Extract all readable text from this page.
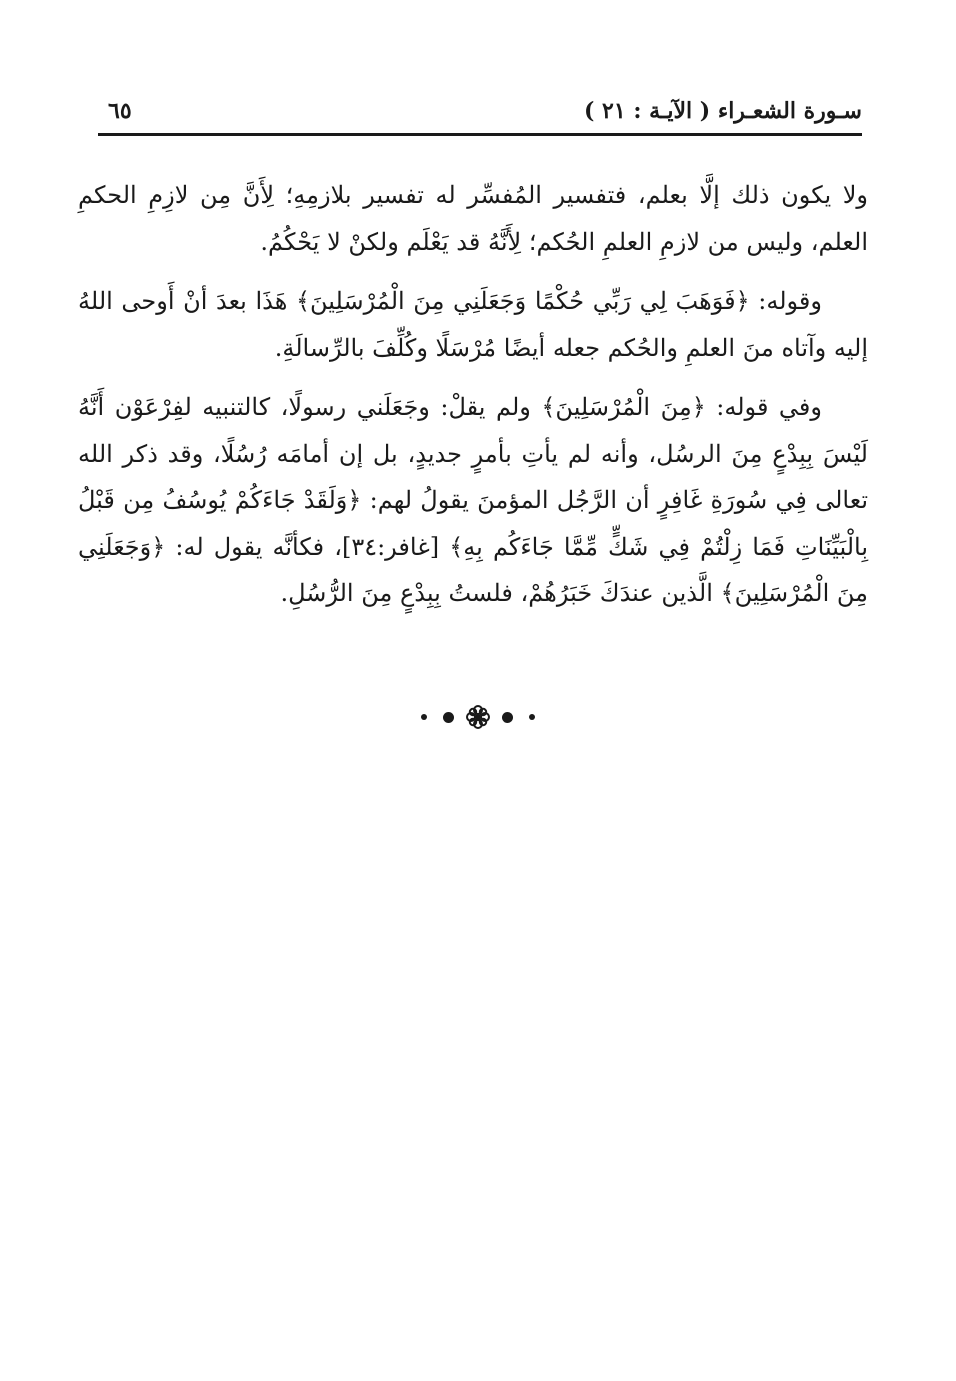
سـورة الشعـراء ( الآيـة : ٢١ )
٦٥

ولا يكون ذلك إلَّا بعلم، فتفسير المُفسِّر له تفسير بلازمِهِ؛ لِأَنَّ مِن لازِمِ الحكمِ العلم، وليس من لازمِ العلمِ الحُكم؛ لِأَنَّهُ قد يَعْلَم ولكنْ لا يَحْكُمُ.

وقوله: ﴿فَوَهَبَ لِي رَبِّي حُكْمًا وَجَعَلَنِي مِنَ الْمُرْسَلِينَ﴾ هَذَا بعدَ أنْ أَوحى اللهُ إليه وآتاه منَ العلمِ والحُكم جعله أيضًا مُرْسَلًا وكُلِّفَ بالرِّسالَةِ.

وفي قوله: ﴿مِنَ الْمُرْسَلِينَ﴾ ولم يقلْ: وجَعَلَني رسولًا، كالتنبيه لفِرْعَوْن أَنَّهُ لَيْسَ بِبِدْعٍ مِنَ الرسُل، وأنه لم يأتِ بأمرٍ جديدٍ، بل إن أمامَه رُسُلًا، وقد ذكر الله تعالى فِي سُورَةِ غَافِرٍ أن الرَّجُل المؤمنَ يقولُ لهم: ﴿وَلَقَدْ جَاءَكُمْ يُوسُفُ مِن قَبْلُ بِالْبَيِّنَاتِ فَمَا زِلْتُمْ فِي شَكٍّ مِّمَّا جَاءَكُم بِهِ﴾ [غافر:٣٤]، فكأنَّه يقول له: ﴿وَجَعَلَنِي مِنَ الْمُرْسَلِينَ﴾ الَّذين عندَكَ خَبَرُهُمْ، فلستُ بِبِدْعٍ مِنَ الرُّسُلِ.
